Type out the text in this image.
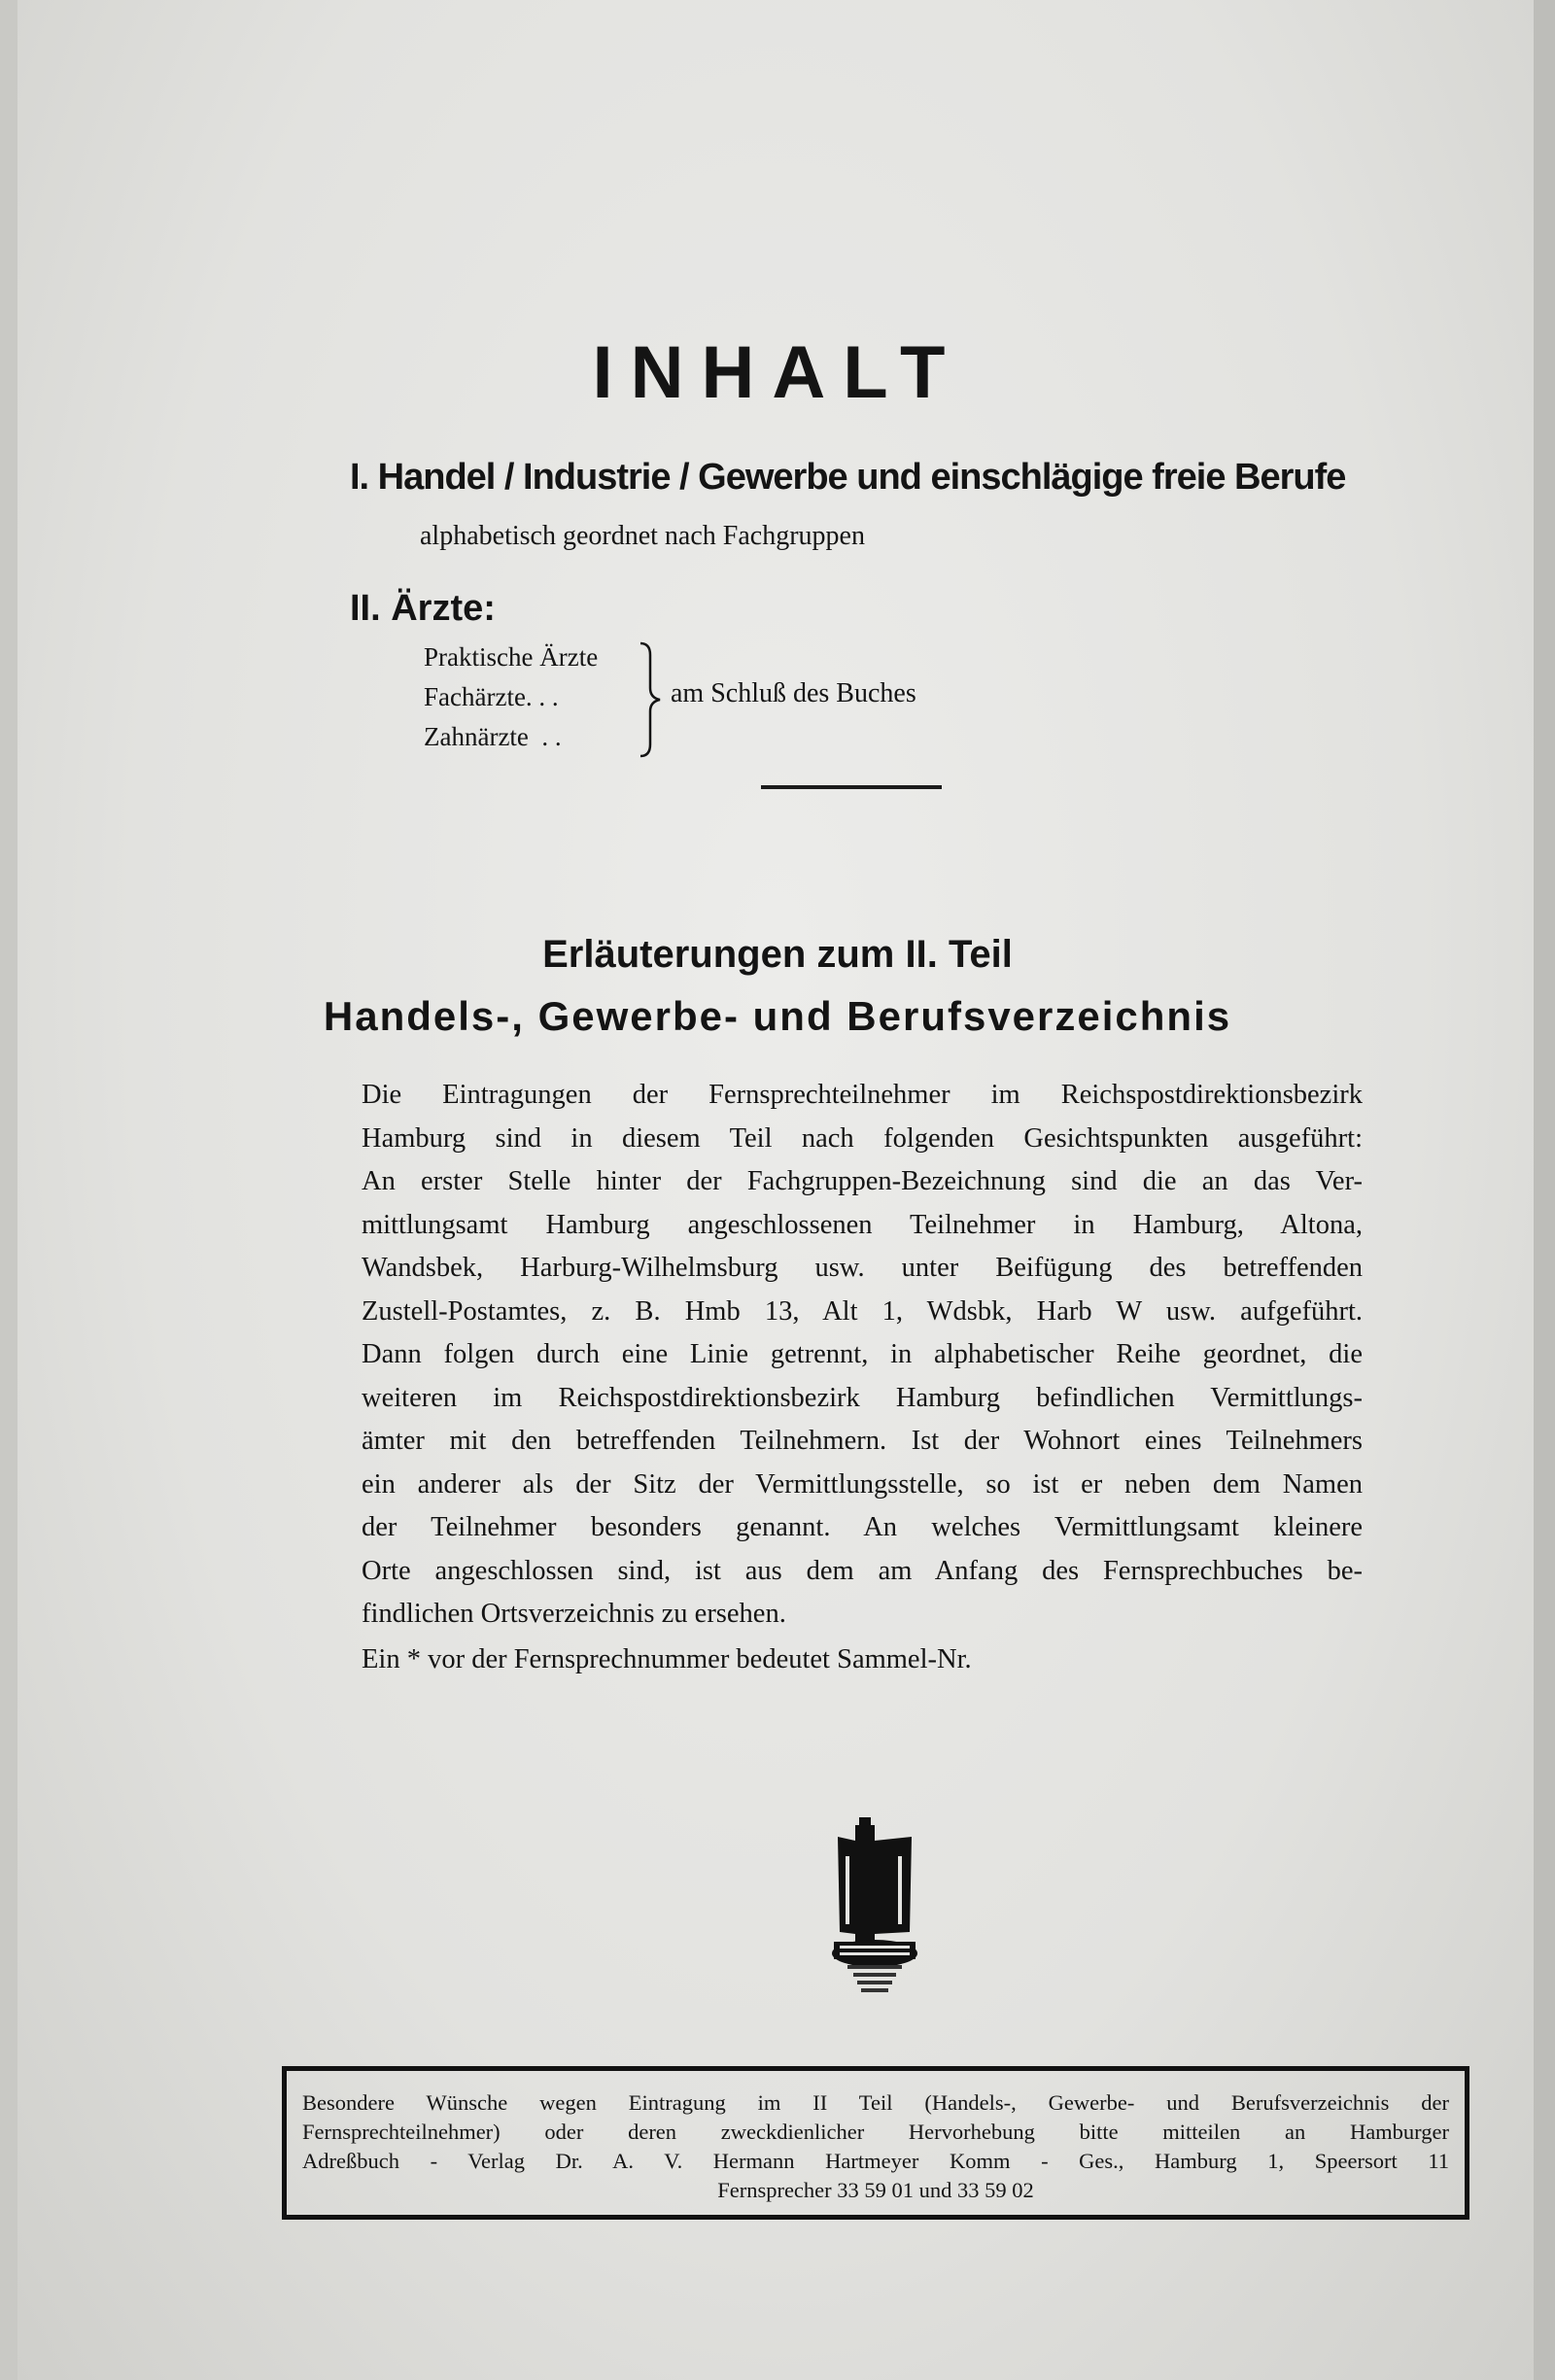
INHALT
I. Handel / Industrie / Gewerbe und einschlägige freie Berufe
alphabetisch geordnet nach Fachgruppen
II. Ärzte:
Praktische Ärzte
Fachärzte. . .
Zahnärzte  . .
am Schluß des Buches
Erläuterungen zum II. Teil
Handels-, Gewerbe- und Berufsverzeichnis
Die Eintragungen der Fernsprechteilnehmer im Reichspostdirektionsbezirk
Hamburg sind in diesem Teil nach folgenden Gesichtspunkten ausgeführt:
An erster Stelle hinter der Fachgruppen-Bezeichnung sind die an das Ver-
mittlungsamt Hamburg angeschlossenen Teilnehmer in Hamburg, Altona,
Wandsbek, Harburg-Wilhelmsburg usw. unter Beifügung des betreffenden
Zustell-Postamtes, z. B. Hmb 13, Alt 1, Wdsbk, Harb W usw. aufgeführt.
Dann folgen durch eine Linie getrennt, in alphabetischer Reihe geordnet, die
weiteren im Reichspostdirektionsbezirk Hamburg befindlichen Vermittlungs-
ämter mit den betreffenden Teilnehmern. Ist der Wohnort eines Teilnehmers
ein anderer als der Sitz der Vermittlungsstelle, so ist er neben dem Namen
der Teilnehmer besonders genannt. An welches Vermittlungsamt kleinere
Orte angeschlossen sind, ist aus dem am Anfang des Fernsprechbuches be-
findlichen Ortsverzeichnis zu ersehen.
Ein * vor der Fernsprechnummer bedeutet Sammel-Nr.
Besondere Wünsche wegen Eintragung im II Teil (Handels-, Gewerbe- und Berufsverzeichnis der
Fernsprechteilnehmer) oder deren zweckdienlicher Hervorhebung bitte mitteilen an Hamburger
Adreßbuch - Verlag Dr. A. V. Hermann Hartmeyer Komm - Ges., Hamburg 1, Speersort 11
Fernsprecher 33 59 01 und 33 59 02
